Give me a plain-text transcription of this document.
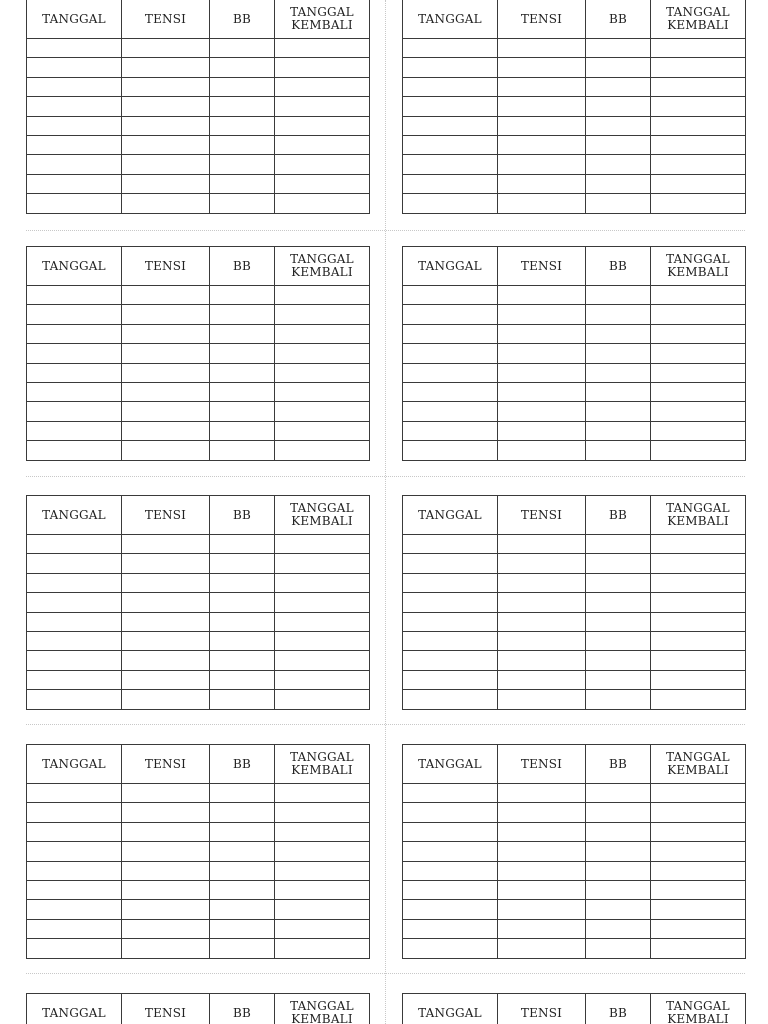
TANGGAL	TENSI	BB	TANGGAL
KEMBALI

				TANGGAL	TENSI	BB	TANGGAL
KEMBALI

TANGGAL	TENSI	BB	TANGGAL
KEMBALI

				TANGGAL	TENSI	BB	TANGGAL
KEMBALI

TANGGAL	TENSI	BB	TANGGAL
KEMBALI

				TANGGAL	TENSI	BB	TANGGAL
KEMBALI

TANGGAL	TENSI	BB	TANGGAL
KEMBALI

				TANGGAL	TENSI	BB	TANGGAL
KEMBALI

TANGGAL	TENSI	BB	TANGGAL
KEMBALI

				TANGGAL	TENSI	BB	TANGGAL
KEMBALI
